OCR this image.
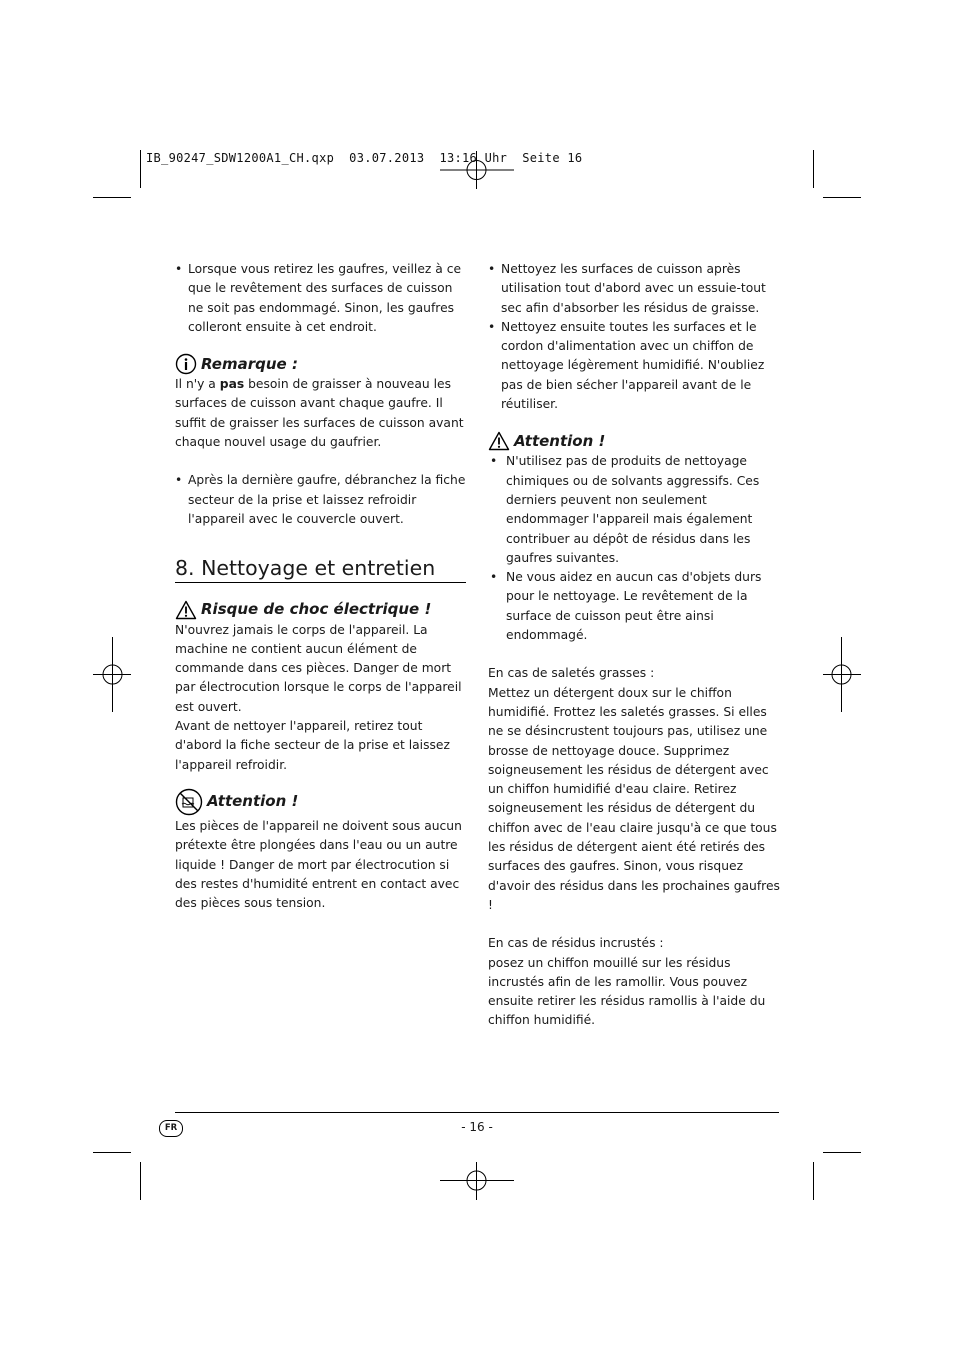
IB_90247_SDW1200A1_CH.qxp  03.07.2013  13:16 Uhr  Seite 16

• Lorsque vous retirez les gaufres, veillez à ce que le revêtement des surfaces de cuisson ne soit pas endommagé. Sinon, les gaufres colleront ensuite à cet endroit.

Remarque :

Il n'y a pas besoin de graisser à nouveau les surfaces de cuisson avant chaque gaufre. Il suffit de graisser les surfaces de cuisson avant chaque nouvel usage du gaufrier.

• Après la dernière gaufre, débranchez la fiche secteur de la prise et laissez refroidir l'appareil avec le couvercle ouvert.

8. Nettoyage et entretien
Risque de choc électrique !

N'ouvrez jamais le corps de l'appareil. La machine ne contient aucun élément de commande dans ces pièces. Danger de mort par électrocution lorsque le corps de l'appareil est ouvert.

Avant de nettoyer l'appareil, retirez tout d'abord la fiche secteur de la prise et laissez l'appareil refroidir.

Attention !

Les pièces de l'appareil ne doivent sous aucun prétexte être plongées dans l'eau ou un autre liquide ! Danger de mort par électrocution si des restes d'humidité entrent en contact avec des pièces sous tension.

• Nettoyez les surfaces de cuisson après utilisation tout d'abord avec un essuie-tout sec afin d'absorber les résidus de graisse.

• Nettoyez ensuite toutes les surfaces et le cordon d'alimentation avec un chiffon de nettoyage légèrement humidifié. N'oubliez pas de bien sécher l'appareil avant de le réutiliser.

Attention !

• N'utilisez pas de produits de nettoyage chimiques ou de solvants aggressifs. Ces derniers peuvent non seulement endommager l'appareil mais également contribuer au dépôt de résidus dans les gaufres suivantes.

• Ne vous aidez en aucun cas d'objets durs pour le nettoyage. Le revêtement de la surface de cuisson peut être ainsi endommagé.

En cas de saletés grasses :

Mettez un détergent doux sur le chiffon humidifié. Frottez les saletés grasses. Si elles ne se désincrustent toujours pas, utilisez une brosse de nettoyage douce. Supprimez soigneusement les résidus de détergent avec un chiffon humidifié d'eau claire. Retirez soigneusement les résidus de détergent du chiffon avec de l'eau claire jusqu'à ce que tous les résidus de détergent aient été retirés des surfaces des gaufres. Sinon, vous risquez d'avoir des résidus dans les prochaines gaufres !

En cas de résidus incrustés :

posez un chiffon mouillé sur les résidus incrustés afin de les ramollir. Vous pouvez ensuite retirer les résidus ramollis à l'aide du chiffon humidifié.

FR	- 16 -
